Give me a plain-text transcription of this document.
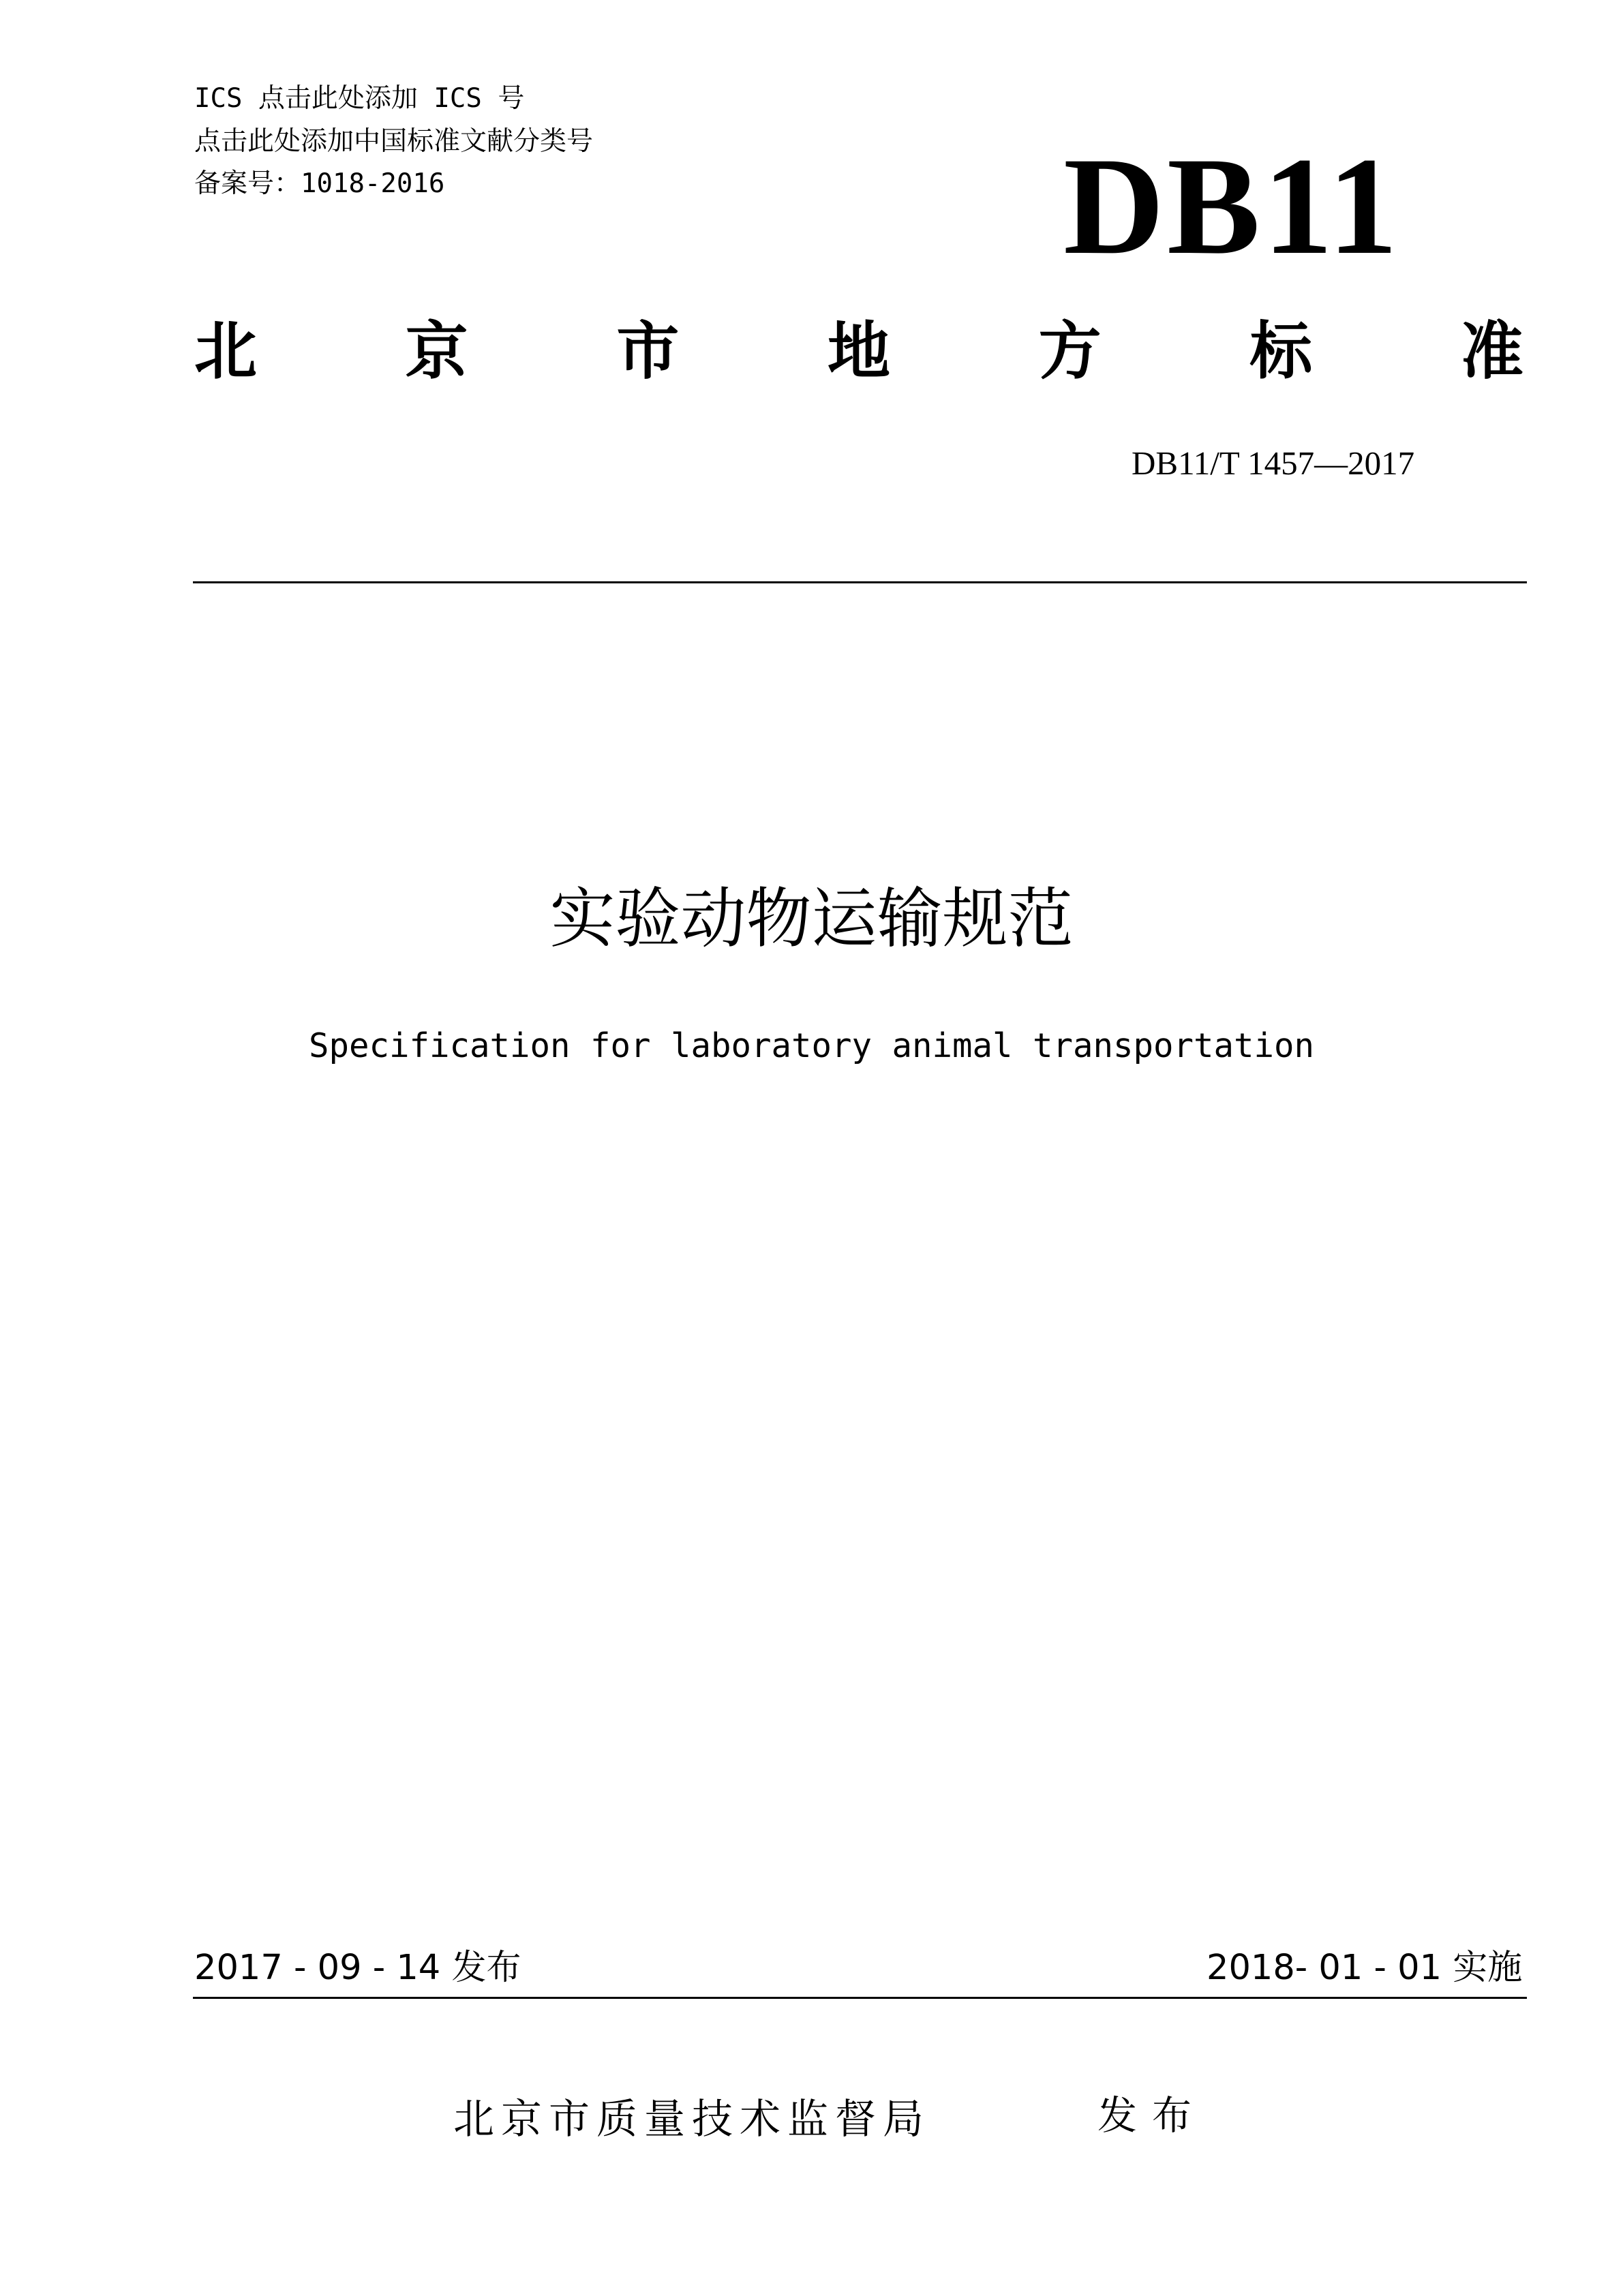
ICS 点击此处添加 ICS 号
点击此处添加中国标准文献分类号
备案号：1018-2016	DB11
北 京 市 地 方 标 准
DB11/T 1457—2017
实验动物运输规范
Specification for laboratory animal transportation
2017 - 09 - 14 发布	2018- 01 - 01 实施
北京市质量技术监督局	发布
